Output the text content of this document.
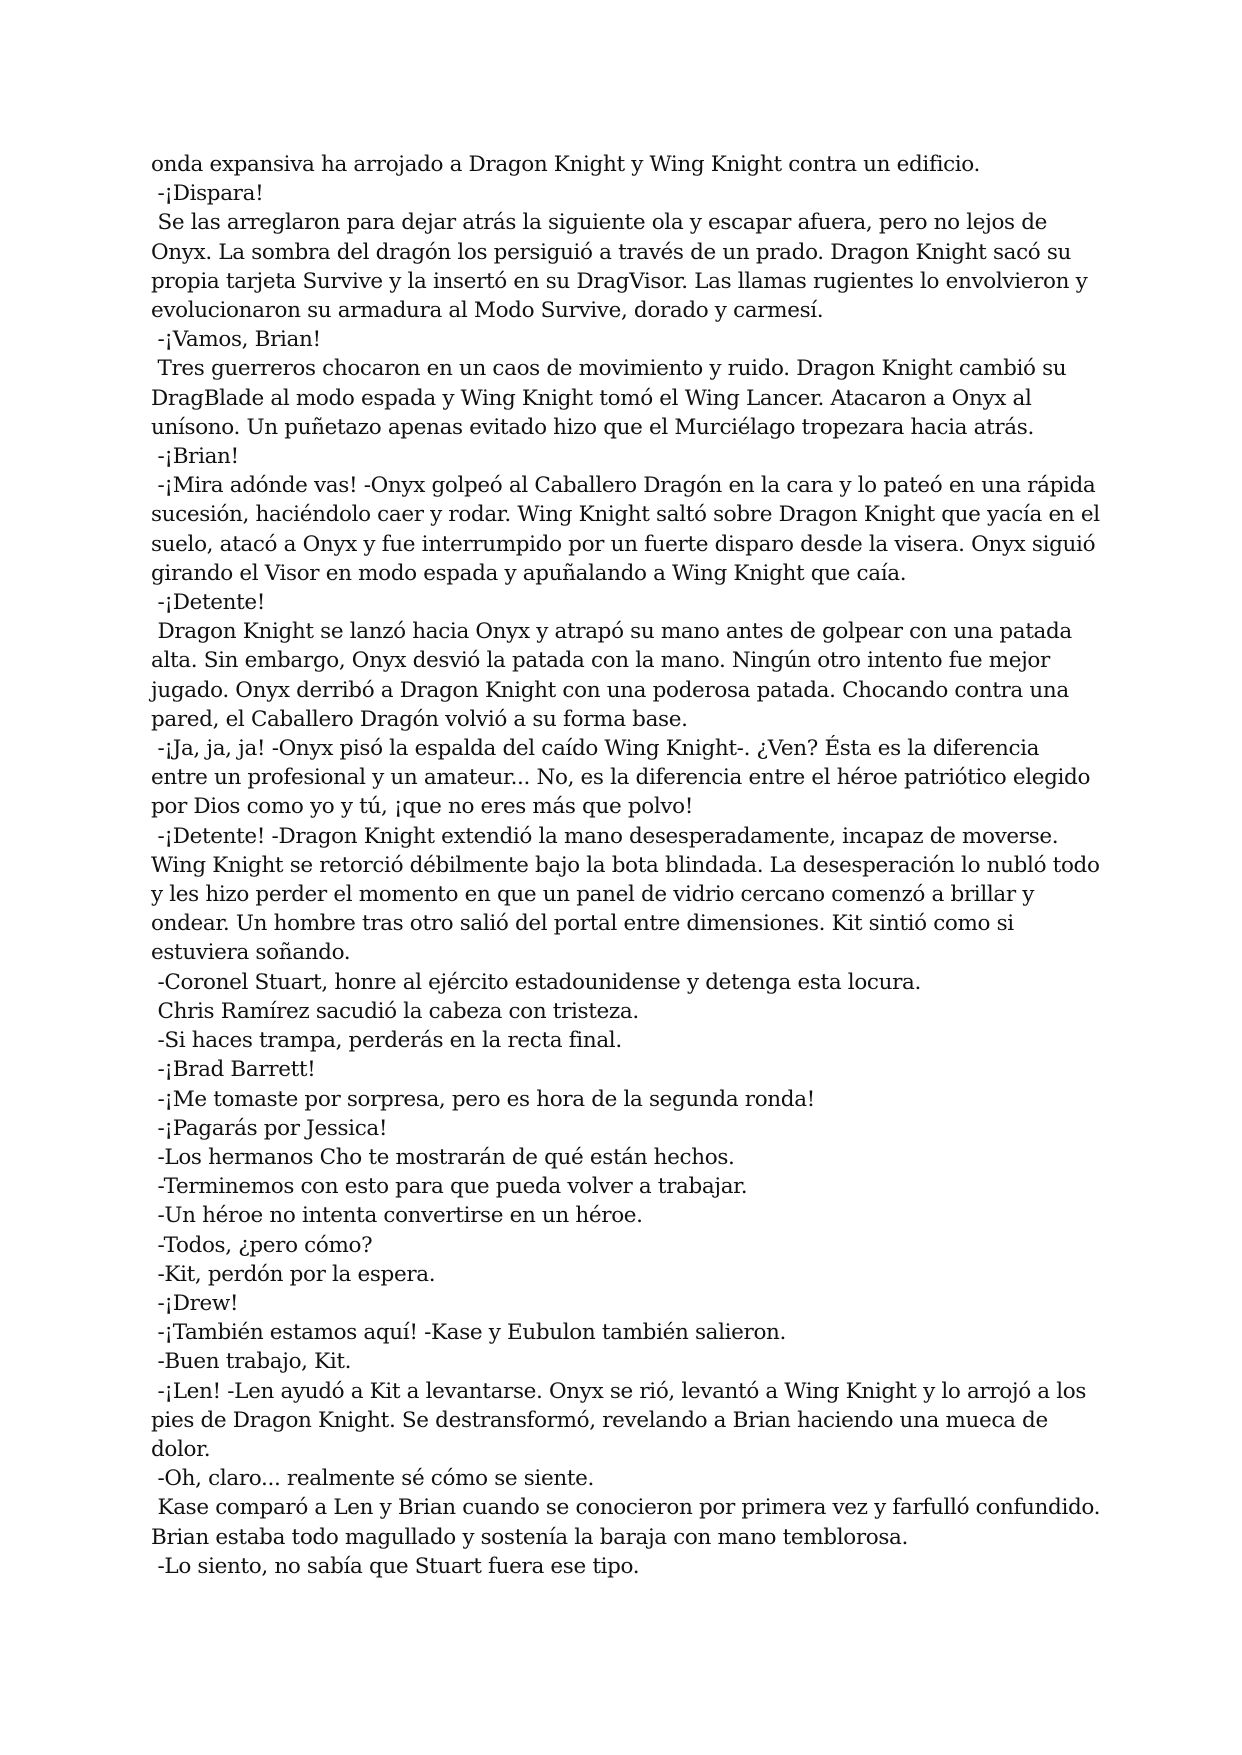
onda expansiva ha arrojado a Dragon Knight y Wing Knight contra un edificio.

-¡Dispara!

Se las arreglaron para dejar atrás la siguiente ola y escapar afuera, pero no lejos de Onyx. La sombra del dragón los persiguió a través de un prado. Dragon Knight sacó su propia tarjeta Survive y la insertó en su DragVisor. Las llamas rugientes lo envolvieron y evolucionaron su armadura al Modo Survive, dorado y carmesí.

-¡Vamos, Brian!

Tres guerreros chocaron en un caos de movimiento y ruido. Dragon Knight cambió su DragBlade al modo espada y Wing Knight tomó el Wing Lancer. Atacaron a Onyx al unísono. Un puñetazo apenas evitado hizo que el Murciélago tropezara hacia atrás.

-¡Brian!

-¡Mira adónde vas! -Onyx golpeó al Caballero Dragón en la cara y lo pateó en una rápida sucesión, haciéndolo caer y rodar. Wing Knight saltó sobre Dragon Knight que yacía en el suelo, atacó a Onyx y fue interrumpido por un fuerte disparo desde la visera. Onyx siguió girando el Visor en modo espada y apuñalando a Wing Knight que caía.

-¡Detente!

Dragon Knight se lanzó hacia Onyx y atrapó su mano antes de golpear con una patada alta. Sin embargo, Onyx desvió la patada con la mano. Ningún otro intento fue mejor jugado. Onyx derribó a Dragon Knight con una poderosa patada. Chocando contra una pared, el Caballero Dragón volvió a su forma base.

-¡Ja, ja, ja! -Onyx pisó la espalda del caído Wing Knight-. ¿Ven? Ésta es la diferencia entre un profesional y un amateur... No, es la diferencia entre el héroe patriótico elegido por Dios como yo y tú, ¡que no eres más que polvo!

-¡Detente! -Dragon Knight extendió la mano desesperadamente, incapaz de moverse. Wing Knight se retorció débilmente bajo la bota blindada. La desesperación lo nubló todo y les hizo perder el momento en que un panel de vidrio cercano comenzó a brillar y ondear. Un hombre tras otro salió del portal entre dimensiones. Kit sintió como si estuviera soñando.

-Coronel Stuart, honre al ejército estadounidense y detenga esta locura.

Chris Ramírez sacudió la cabeza con tristeza.

-Si haces trampa, perderás en la recta final.

-¡Brad Barrett!

-¡Me tomaste por sorpresa, pero es hora de la segunda ronda!

-¡Pagarás por Jessica!

-Los hermanos Cho te mostrarán de qué están hechos.

-Terminemos con esto para que pueda volver a trabajar.

-Un héroe no intenta convertirse en un héroe.

-Todos, ¿pero cómo?

-Kit, perdón por la espera.

-¡Drew!

-¡También estamos aquí! -Kase y Eubulon también salieron.

-Buen trabajo, Kit.

-¡Len! -Len ayudó a Kit a levantarse. Onyx se rió, levantó a Wing Knight y lo arrojó a los pies de Dragon Knight. Se destransformó, revelando a Brian haciendo una mueca de dolor.

-Oh, claro... realmente sé cómo se siente.

Kase comparó a Len y Brian cuando se conocieron por primera vez y farfulló confundido. Brian estaba todo magullado y sostenía la baraja con mano temblorosa.

-Lo siento, no sabía que Stuart fuera ese tipo.
